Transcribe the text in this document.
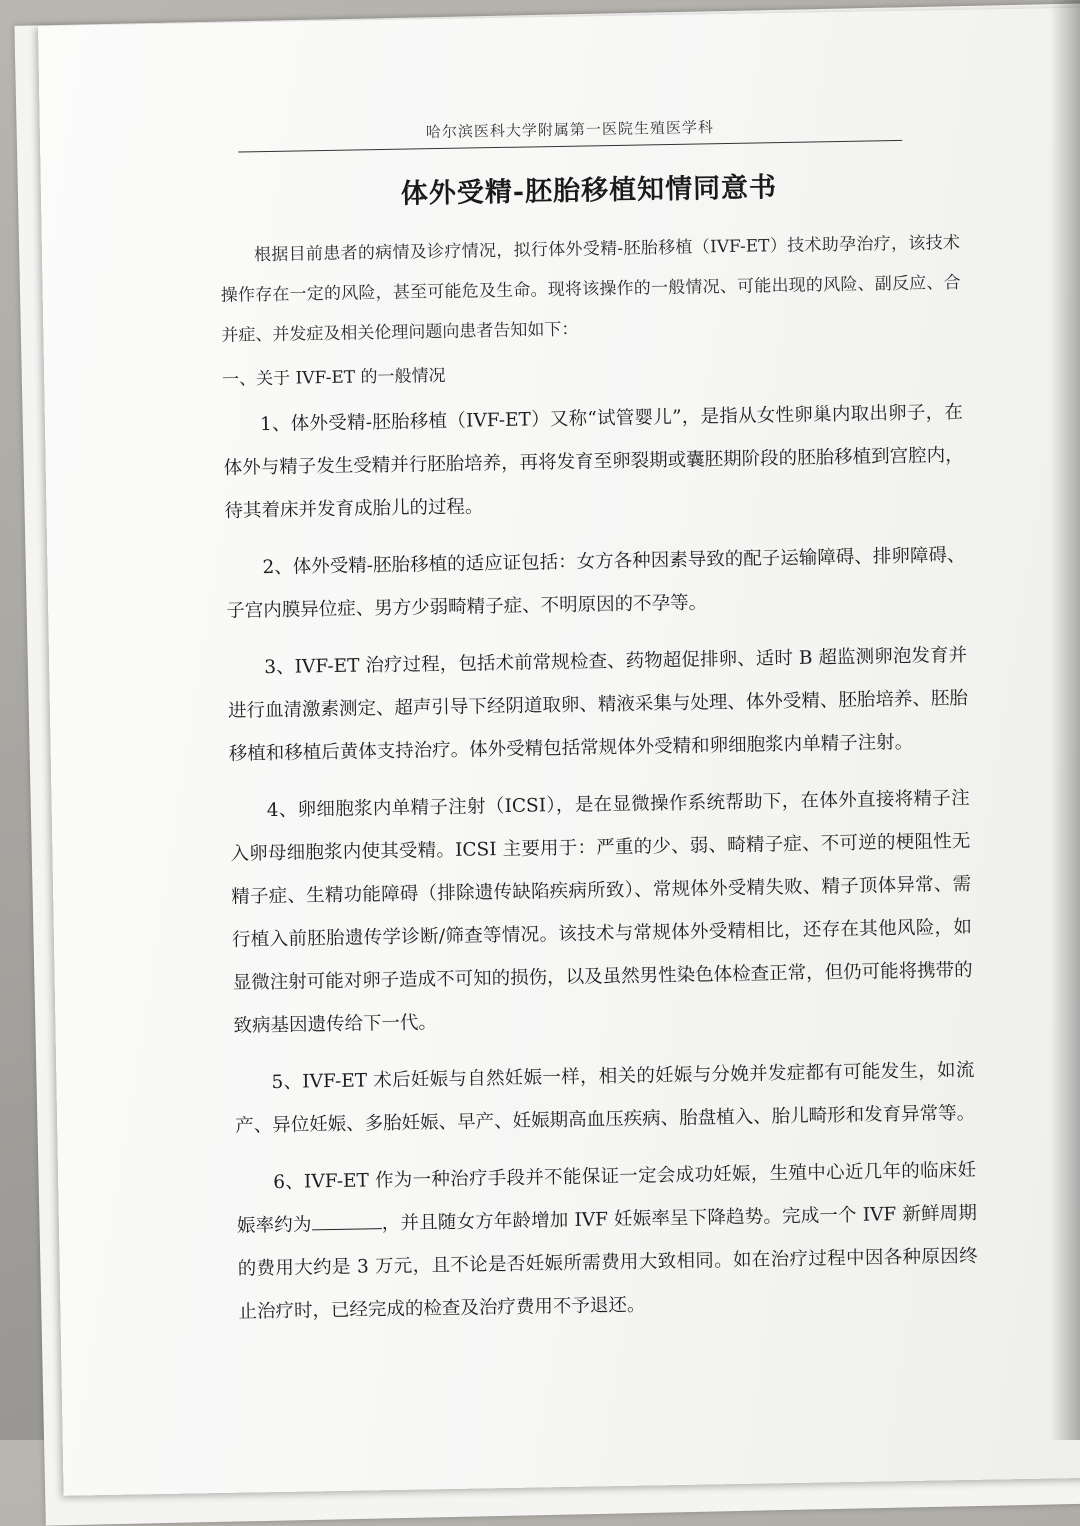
哈尔滨医科大学附属第一医院生殖医学科
体外受精-胚胎移植知情同意书

根据目前患者的病情及诊疗情况，拟行体外受精-胚胎移植（IVF-ET）技术助孕治疗，该技术操作存在一定的风险，甚至可能危及生命。现将该操作的一般情况、可能出现的风险、副反应、合并症、并发症及相关伦理问题向患者告知如下：

一、关于 IVF-ET 的一般情况

1、体外受精-胚胎移植（IVF-ET）又称“试管婴儿”，是指从女性卵巢内取出卵子，在体外与精子发生受精并行胚胎培养，再将发育至卵裂期或囊胚期阶段的胚胎移植到宫腔内，待其着床并发育成胎儿的过程。

2、体外受精-胚胎移植的适应证包括：女方各种因素导致的配子运输障碍、排卵障碍、子宫内膜异位症、男方少弱畸精子症、不明原因的不孕等。

3、IVF-ET 治疗过程，包括术前常规检查、药物超促排卵、适时 B 超监测卵泡发育并进行血清激素测定、超声引导下经阴道取卵、精液采集与处理、体外受精、胚胎培养、胚胎移植和移植后黄体支持治疗。体外受精包括常规体外受精和卵细胞浆内单精子注射。

4、卵细胞浆内单精子注射（ICSI），是在显微操作系统帮助下，在体外直接将精子注入卵母细胞浆内使其受精。ICSI 主要用于：严重的少、弱、畸精子症、不可逆的梗阻性无精子症、生精功能障碍（排除遗传缺陷疾病所致）、常规体外受精失败、精子顶体异常、需行植入前胚胎遗传学诊断/筛查等情况。该技术与常规体外受精相比，还存在其他风险，如显微注射可能对卵子造成不可知的损伤，以及虽然男性染色体检查正常，但仍可能将携带的致病基因遗传给下一代。

5、IVF-ET 术后妊娠与自然妊娠一样，相关的妊娠与分娩并发症都有可能发生，如流产、异位妊娠、多胎妊娠、早产、妊娠期高血压疾病、胎盘植入、胎儿畸形和发育异常等。

6、IVF-ET 作为一种治疗手段并不能保证一定会成功妊娠，生殖中心近几年的临床妊娠率约为	，并且随女方年龄增加 IVF 妊娠率呈下降趋势。完成一个 IVF 新鲜周期的费用大约是 3 万元，且不论是否妊娠所需费用大致相同。如在治疗过程中因各种原因终止治疗时，已经完成的检查及治疗费用不予退还。
